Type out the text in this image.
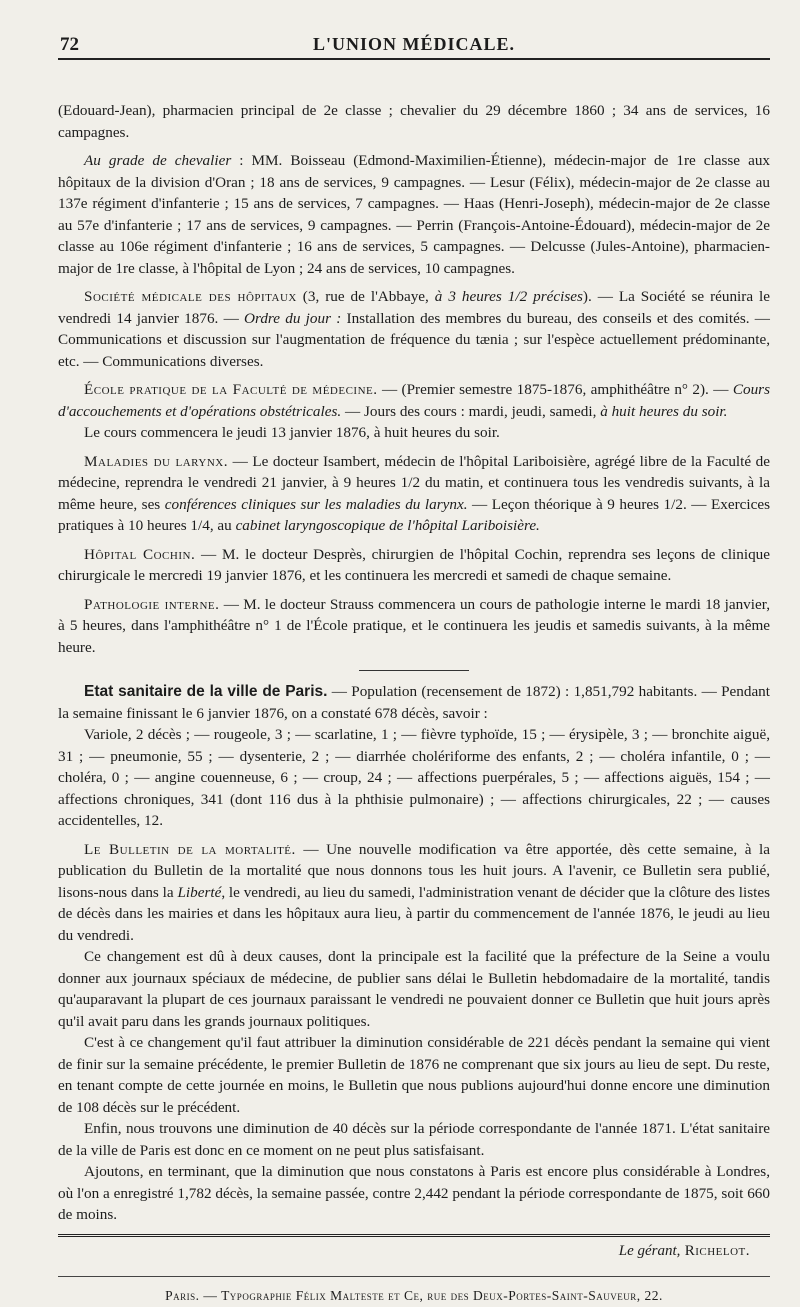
72	L'UNION MÉDICALE.

(Edouard-Jean), pharmacien principal de 2e classe ; chevalier du 29 décembre 1860 ; 34 ans de services, 16 campagnes.

Au grade de chevalier : MM. Boisseau (Edmond-Maximilien-Étienne), médecin-major de 1re classe aux hôpitaux de la division d'Oran ; 18 ans de services, 9 campagnes. — Lesur (Félix), médecin-major de 2e classe au 137e régiment d'infanterie ; 15 ans de services, 7 campagnes. — Haas (Henri-Joseph), médecin-major de 2e classe au 57e d'infanterie ; 17 ans de services, 9 campagnes. — Perrin (François-Antoine-Édouard), médecin-major de 2e classe au 106e régiment d'infanterie ; 16 ans de services, 5 campagnes. — Delcusse (Jules-Antoine), pharmacien-major de 1re classe, à l'hôpital de Lyon ; 24 ans de services, 10 campagnes.

Société médicale des hôpitaux (3, rue de l'Abbaye, à 3 heures 1/2 précises). — La Société se réunira le vendredi 14 janvier 1876. — Ordre du jour : Installation des membres du bureau, des conseils et des comités. — Communications et discussion sur l'augmentation de fréquence du tænia ; sur l'espèce actuellement prédominante, etc. — Communications diverses.

École pratique de la Faculté de médecine. — (Premier semestre 1875-1876, amphithéâtre n° 2). — Cours d'accouchements et d'opérations obstétricales. — Jours des cours : mardi, jeudi, samedi, à huit heures du soir.

Le cours commencera le jeudi 13 janvier 1876, à huit heures du soir.

Maladies du larynx. — Le docteur Isambert, médecin de l'hôpital Lariboisière, agrégé libre de la Faculté de médecine, reprendra le vendredi 21 janvier, à 9 heures 1/2 du matin, et continuera tous les vendredis suivants, à la même heure, ses conférences cliniques sur les maladies du larynx. — Leçon théorique à 9 heures 1/2. — Exercices pratiques à 10 heures 1/4, au cabinet laryngoscopique de l'hôpital Lariboisière.

Hôpital Cochin. — M. le docteur Desprès, chirurgien de l'hôpital Cochin, reprendra ses leçons de clinique chirurgicale le mercredi 19 janvier 1876, et les continuera les mercredi et samedi de chaque semaine.

Pathologie interne. — M. le docteur Strauss commencera un cours de pathologie interne le mardi 18 janvier, à 5 heures, dans l'amphithéâtre n° 1 de l'École pratique, et le continuera les jeudis et samedis suivants, à la même heure.

Etat sanitaire de la ville de Paris. — Population (recensement de 1872) : 1,851,792 habitants. — Pendant la semaine finissant le 6 janvier 1876, on a constaté 678 décès, savoir :

Variole, 2 décès ; — rougeole, 3 ; — scarlatine, 1 ; — fièvre typhoïde, 15 ; — érysipèle, 3 ; — bronchite aiguë, 31 ; — pneumonie, 55 ; — dysenterie, 2 ; — diarrhée cholériforme des enfants, 2 ; — choléra infantile, 0 ; — choléra, 0 ; — angine couenneuse, 6 ; — croup, 24 ; — affections puerpérales, 5 ; — affections aiguës, 154 ; — affections chroniques, 341 (dont 116 dus à la phthisie pulmonaire) ; — affections chirurgicales, 22 ; — causes accidentelles, 12.

Le Bulletin de la mortalité. — Une nouvelle modification va être apportée, dès cette semaine, à la publication du Bulletin de la mortalité que nous donnons tous les huit jours. A l'avenir, ce Bulletin sera publié, lisons-nous dans la Liberté, le vendredi, au lieu du samedi, l'administration venant de décider que la clôture des listes de décès dans les mairies et dans les hôpitaux aura lieu, à partir du commencement de l'année 1876, le jeudi au lieu du vendredi.

Ce changement est dû à deux causes, dont la principale est la facilité que la préfecture de la Seine a voulu donner aux journaux spéciaux de médecine, de publier sans délai le Bulletin hebdomadaire de la mortalité, tandis qu'auparavant la plupart de ces journaux paraissant le vendredi ne pouvaient donner ce Bulletin que huit jours après qu'il avait paru dans les grands journaux politiques.

C'est à ce changement qu'il faut attribuer la diminution considérable de 221 décès pendant la semaine qui vient de finir sur la semaine précédente, le premier Bulletin de 1876 ne comprenant que six jours au lieu de sept. Du reste, en tenant compte de cette journée en moins, le Bulletin que nous publions aujourd'hui donne encore une diminution de 108 décès sur le précédent.

Enfin, nous trouvons une diminution de 40 décès sur la période correspondante de l'année 1871. L'état sanitaire de la ville de Paris est donc en ce moment on ne peut plus satisfaisant.

Ajoutons, en terminant, que la diminution que nous constatons à Paris est encore plus considérable à Londres, où l'on a enregistré 1,782 décès, la semaine passée, contre 2,442 pendant la période correspondante de 1875, soit 660 de moins.

Le gérant, Richelot.
Paris. — Typographie Félix Malteste et Ce, rue des Deux-Portes-Saint-Sauveur, 22.
